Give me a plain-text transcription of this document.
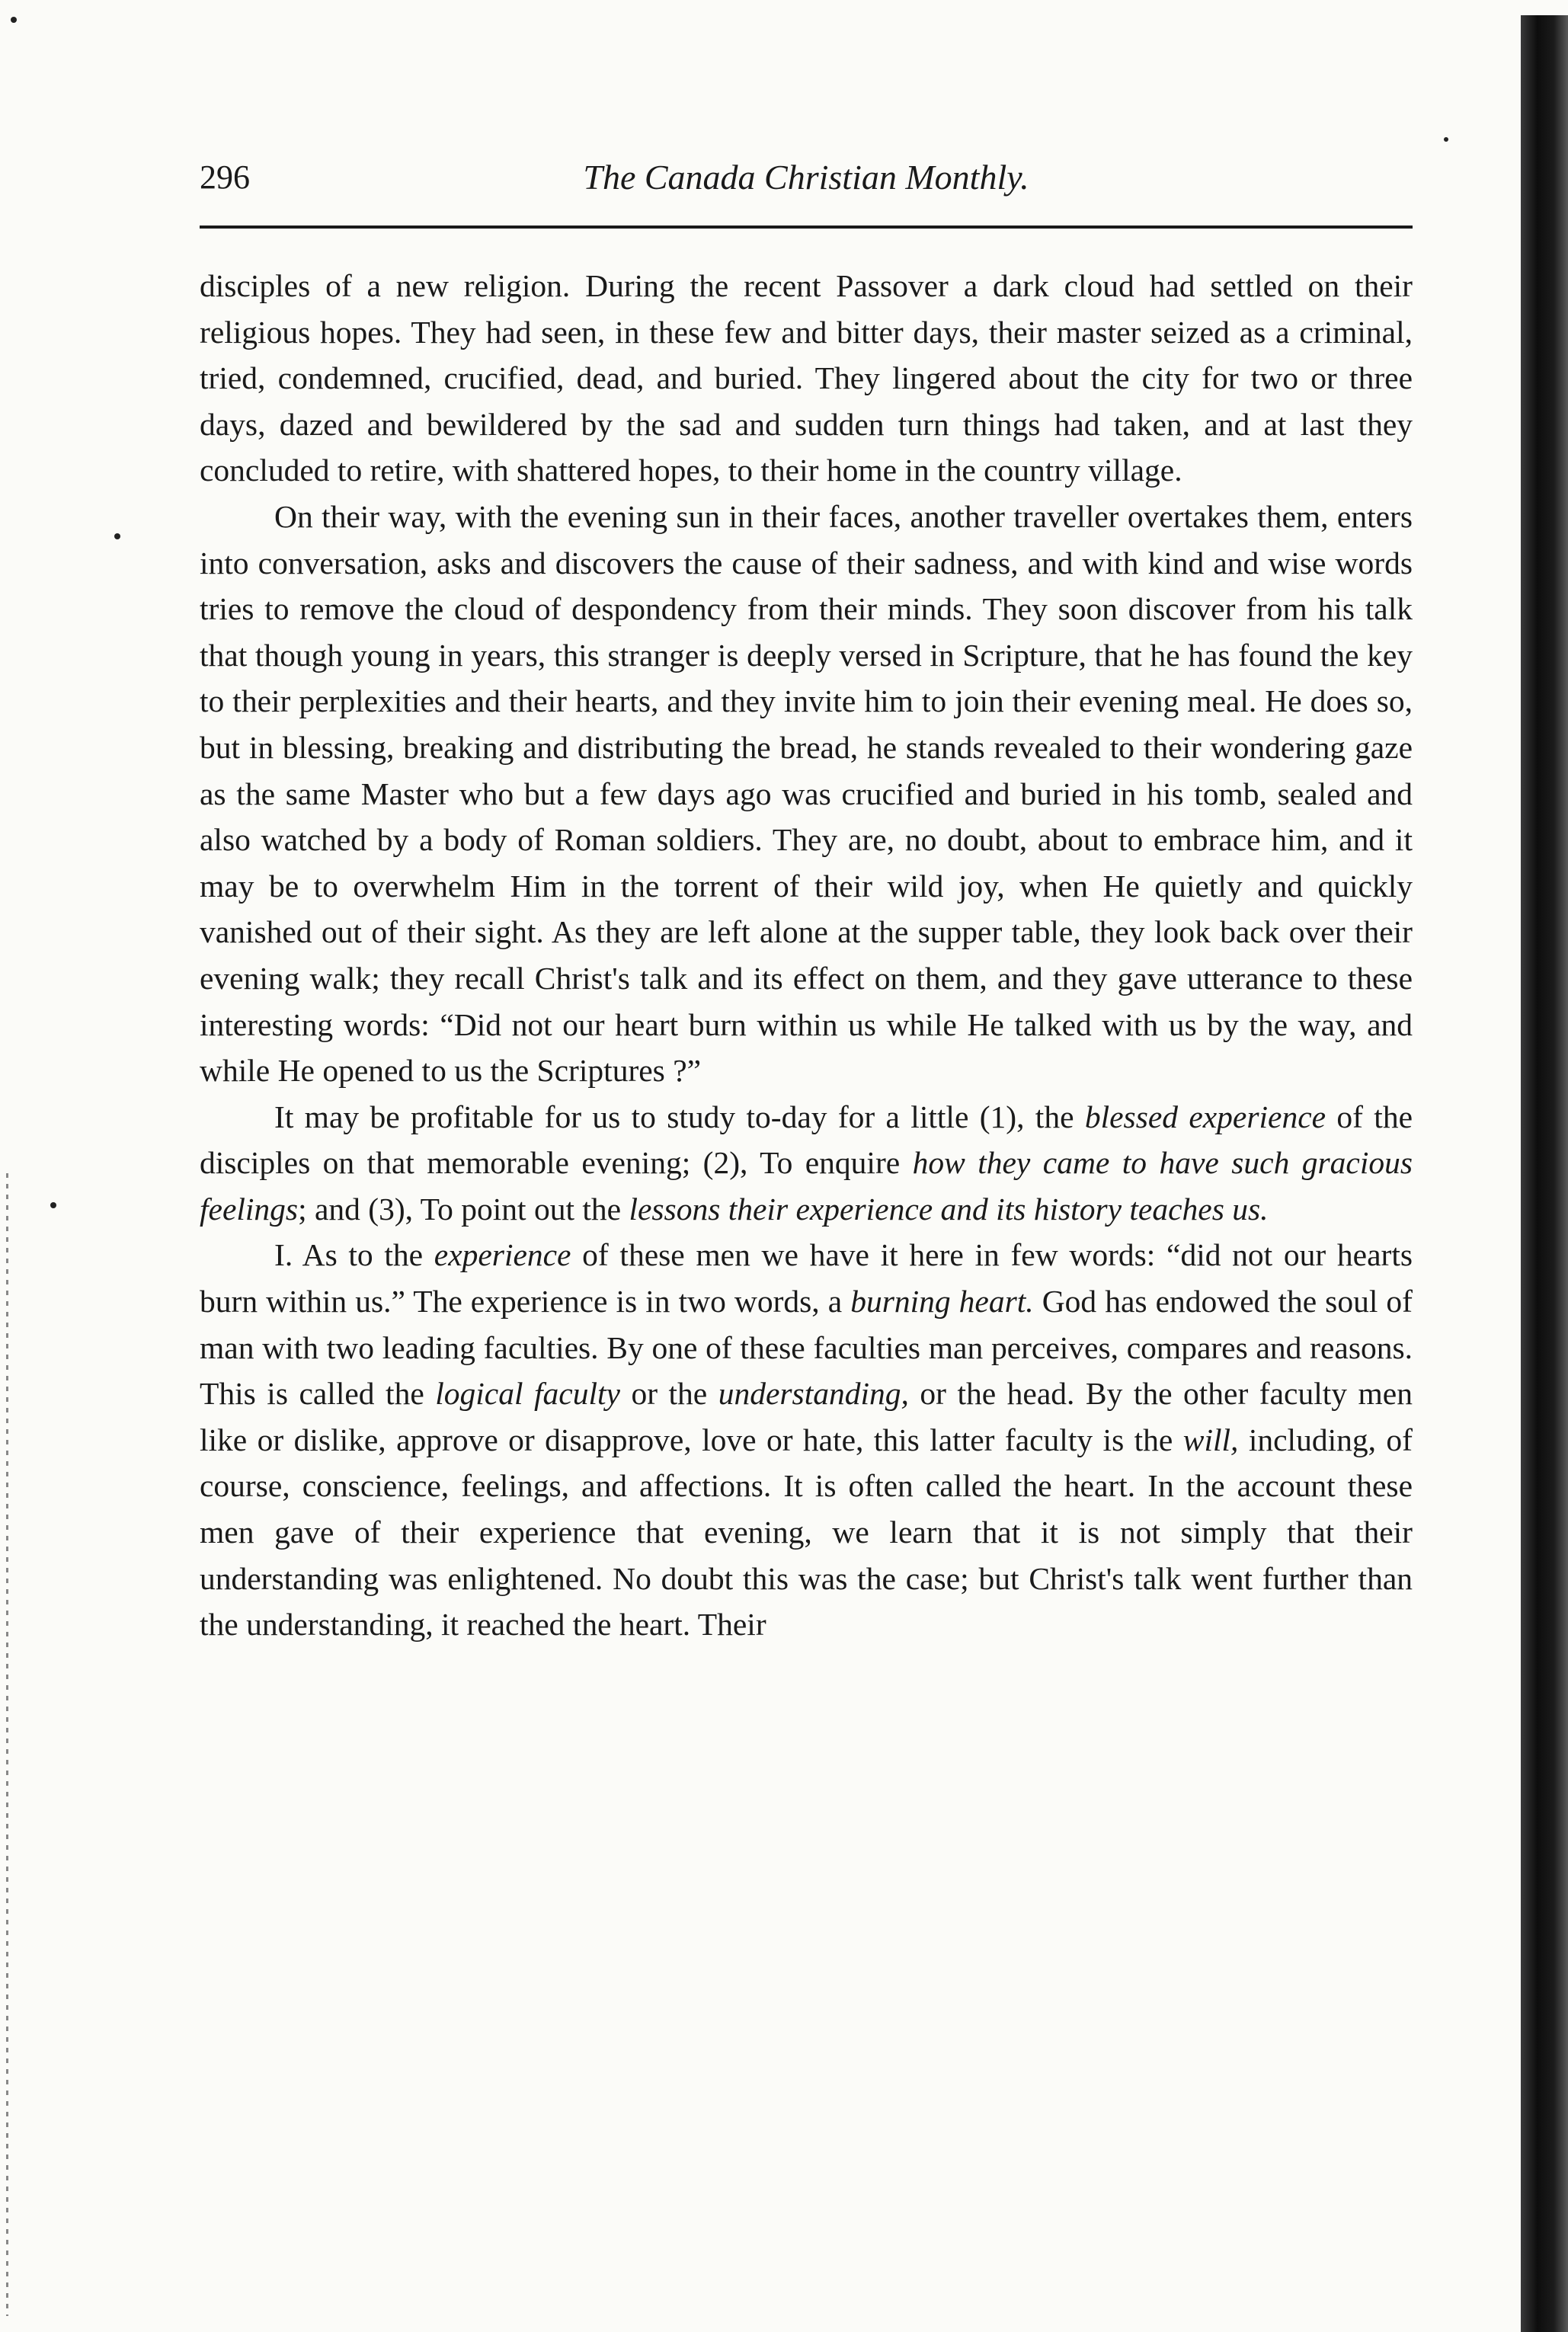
296	The Canada Christian Monthly.

disciples of a new religion. During the recent Passover a dark cloud had settled on their religious hopes. They had seen, in these few and bitter days, their master seized as a criminal, tried, condemned, crucified, dead, and buried. They lingered about the city for two or three days, dazed and bewildered by the sad and sudden turn things had taken, and at last they concluded to retire, with shattered hopes, to their home in the country village.

On their way, with the evening sun in their faces, another traveller overtakes them, enters into conversation, asks and discovers the cause of their sadness, and with kind and wise words tries to remove the cloud of despondency from their minds. They soon discover from his talk that though young in years, this stranger is deeply versed in Scripture, that he has found the key to their perplexities and their hearts, and they invite him to join their evening meal. He does so, but in blessing, breaking and distributing the bread, he stands revealed to their wondering gaze as the same Master who but a few days ago was crucified and buried in his tomb, sealed and also watched by a body of Roman soldiers. They are, no doubt, about to embrace him, and it may be to overwhelm Him in the torrent of their wild joy, when He quietly and quickly vanished out of their sight. As they are left alone at the supper table, they look back over their evening walk; they recall Christ's talk and its effect on them, and they gave utterance to these interesting words: “Did not our heart burn within us while He talked with us by the way, and while He opened to us the Scriptures ?”

It may be profitable for us to study to-day for a little (1), the blessed experience of the disciples on that memorable evening; (2), To enquire how they came to have such gracious feelings; and (3), To point out the lessons their experience and its history teaches us.

I. As to the experience of these men we have it here in few words: “did not our hearts burn within us.” The experience is in two words, a burning heart. God has endowed the soul of man with two leading faculties. By one of these faculties man perceives, compares and reasons. This is called the logical faculty or the understanding, or the head. By the other faculty men like or dislike, approve or disapprove, love or hate, this latter faculty is the will, including, of course, conscience, feelings, and affections. It is often called the heart. In the account these men gave of their experience that evening, we learn that it is not simply that their understanding was enlightened. No doubt this was the case; but Christ's talk went further than the understanding, it reached the heart. Their
